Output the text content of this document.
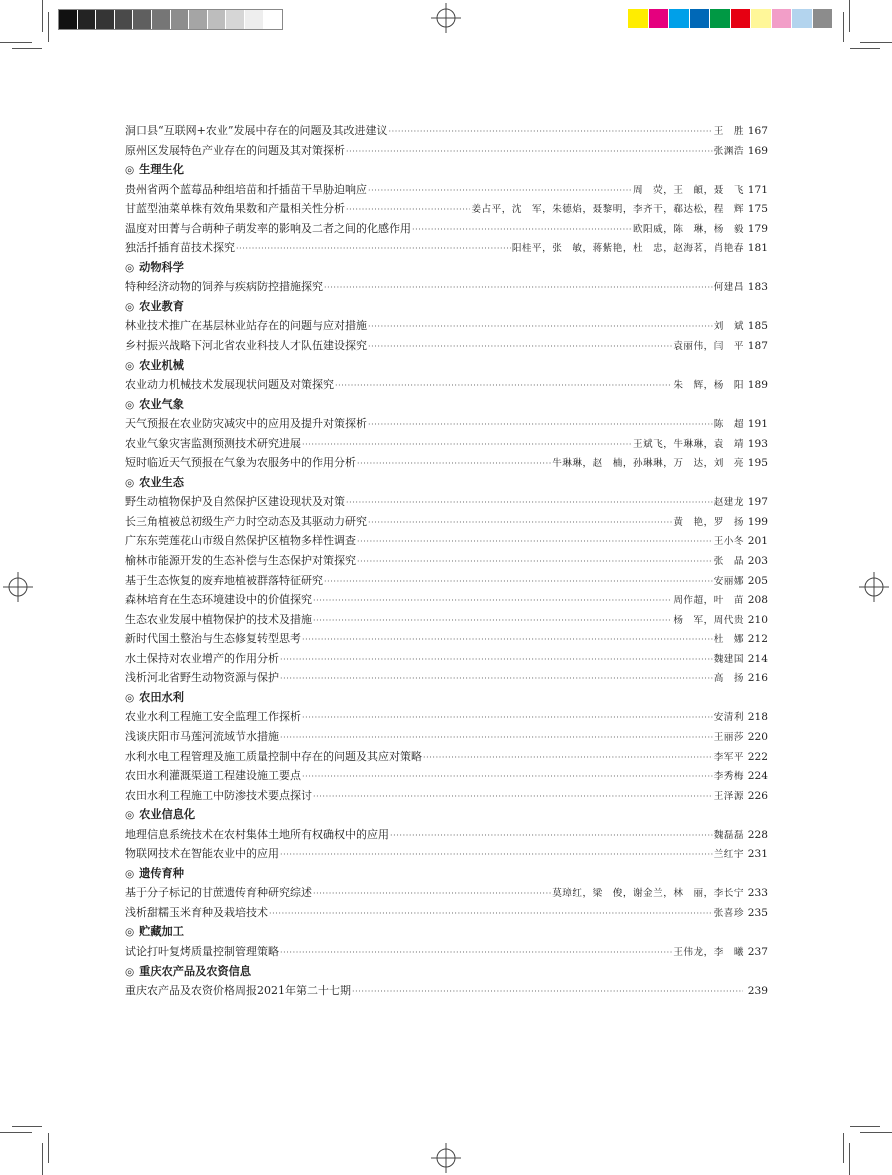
洞口县“互联网+农业”发展中存在的问题及其改进建议 ·····	王　胜 167
原州区发展特色产业存在的问题及其对策探析 ·····	张渊浩 169
◎ 生理生化
贵州省两个蓝莓品种组培苗和扦插苗干旱胁迫响应 ·····	周　荧，王　頔，聂　飞 171
甘蓝型油菜单株有效角果数和产量相关性分析 ·····	姜占平，沈　军，朱德焰，聂黎明，李齐干，郗达松，程　辉 175
温度对田菁与合萌种子萌发率的影响及二者之间的化感作用 ·····	欧阳威，陈　琳，杨　毅 179
独活扦插育苗技术探究 ·····	阳桂平，张　敏，蒋紫艳，杜　忠，赵海茗，肖艳春 181
◎ 动物科学
特种经济动物的饲养与疾病防控措施探究 ·····	何建昌 183
◎ 农业教育
林业技术推广在基层林业站存在的问题与应对措施 ·····	刘　斌 185
乡村振兴战略下河北省农业科技人才队伍建设探究 ·····	袁丽伟，闫　平 187
◎ 农业机械
农业动力机械技术发展现状问题及对策探究 ·····	朱　辉，杨　阳 189
◎ 农业气象
天气预报在农业防灾减灾中的应用及提升对策探析 ·····	陈　超 191
农业气象灾害监测预测技术研究进展 ·····	王斌飞，牛琳琳，袁　靖 193
短时临近天气预报在气象为农服务中的作用分析 ·····	牛琳琳，赵　楠，孙琳琳，万　达，刘　亮 195
◎ 农业生态
野生动植物保护及自然保护区建设现状及对策 ·····	赵建龙 197
长三角植被总初级生产力时空动态及其驱动力研究 ·····	黄　艳，罗　扬 199
广东东莞莲花山市级自然保护区植物多样性调查 ·····	王小冬 201
榆林市能源开发的生态补偿与生态保护对策探究 ·····	张　晶 203
基于生态恢复的废弃地植被群落特征研究 ·····	安丽娜 205
森林培育在生态环境建设中的价值探究 ·····	周作超，叶　苗 208
生态农业发展中植物保护的技术及措施 ·····	杨　军，周代贵 210
新时代国土整治与生态修复转型思考 ·····	杜　娜 212
水土保持对农业增产的作用分析 ·····	魏建国 214
浅析河北省野生动物资源与保护 ·····	高　扬 216
◎ 农田水利
农业水利工程施工安全监理工作探析 ·····	安清利 218
浅谈庆阳市马莲河流域节水措施 ·····	王丽莎 220
水利水电工程管理及施工质量控制中存在的问题及其应对策略 ·····	李军平 222
农田水利灌溉渠道工程建设施工要点 ·····	李秀梅 224
农田水利工程施工中防渗技术要点探讨 ·····	王泽源 226
◎ 农业信息化
地理信息系统技术在农村集体土地所有权确权中的应用 ·····	魏磊磊 228
物联网技术在智能农业中的应用 ·····	兰红宇 231
◎ 遗传育种
基于分子标记的甘蔗遗传育种研究综述 ·····	莫璋红，梁　俊，谢金兰，林　丽，李长宁 233
浅析甜糯玉米育种及栽培技术 ·····	张喜珍 235
◎ 贮藏加工
试论打叶复烤质量控制管理策略 ·····	王伟龙，李　曦 237
◎ 重庆农产品及农资信息
重庆农产品及农资价格周报2021年第二十七期 ·····	239
